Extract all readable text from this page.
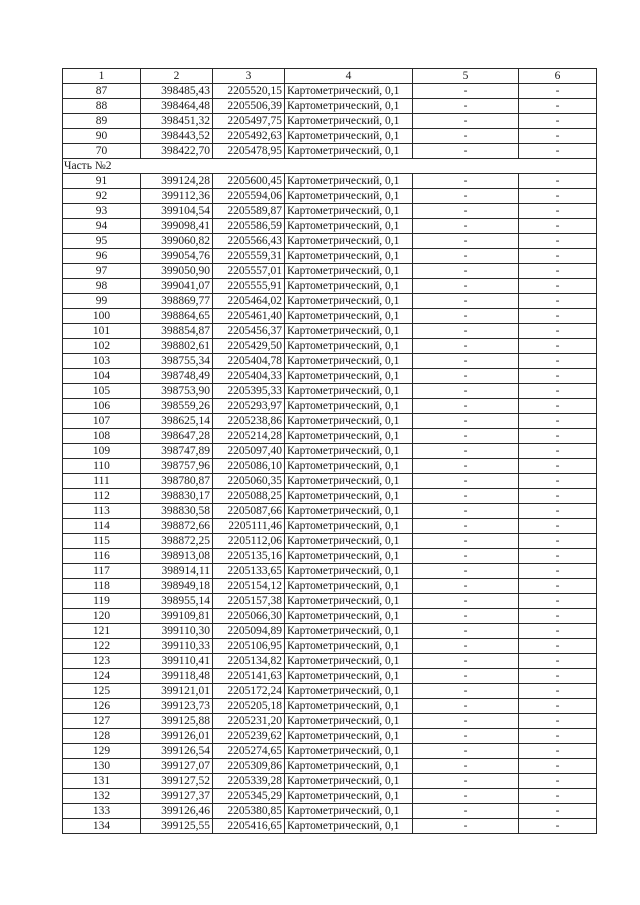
1	2	3	4	5	6
87	398485,43	2205520,15	Картометрический, 0,1	-	-
88	398464,48	2205506,39	Картометрический, 0,1	-	-
89	398451,32	2205497,75	Картометрический, 0,1	-	-
90	398443,52	2205492,63	Картометрический, 0,1	-	-
70	398422,70	2205478,95	Картометрический, 0,1	-	-
Часть №2					
91	399124,28	2205600,45	Картометрический, 0,1	-	-
92	399112,36	2205594,06	Картометрический, 0,1	-	-
93	399104,54	2205589,87	Картометрический, 0,1	-	-
94	399098,41	2205586,59	Картометрический, 0,1	-	-
95	399060,82	2205566,43	Картометрический, 0,1	-	-
96	399054,76	2205559,31	Картометрический, 0,1	-	-
97	399050,90	2205557,01	Картометрический, 0,1	-	-
98	399041,07	2205555,91	Картометрический, 0,1	-	-
99	398869,77	2205464,02	Картометрический, 0,1	-	-
100	398864,65	2205461,40	Картометрический, 0,1	-	-
101	398854,87	2205456,37	Картометрический, 0,1	-	-
102	398802,61	2205429,50	Картометрический, 0,1	-	-
103	398755,34	2205404,78	Картометрический, 0,1	-	-
104	398748,49	2205404,33	Картометрический, 0,1	-	-
105	398753,90	2205395,33	Картометрический, 0,1	-	-
106	398559,26	2205293,97	Картометрический, 0,1	-	-
107	398625,14	2205238,86	Картометрический, 0,1	-	-
108	398647,28	2205214,28	Картометрический, 0,1	-	-
109	398747,89	2205097,40	Картометрический, 0,1	-	-
110	398757,96	2205086,10	Картометрический, 0,1	-	-
111	398780,87	2205060,35	Картометрический, 0,1	-	-
112	398830,17	2205088,25	Картометрический, 0,1	-	-
113	398830,58	2205087,66	Картометрический, 0,1	-	-
114	398872,66	2205111,46	Картометрический, 0,1	-	-
115	398872,25	2205112,06	Картометрический, 0,1	-	-
116	398913,08	2205135,16	Картометрический, 0,1	-	-
117	398914,11	2205133,65	Картометрический, 0,1	-	-
118	398949,18	2205154,12	Картометрический, 0,1	-	-
119	398955,14	2205157,38	Картометрический, 0,1	-	-
120	399109,81	2205066,30	Картометрический, 0,1	-	-
121	399110,30	2205094,89	Картометрический, 0,1	-	-
122	399110,33	2205106,95	Картометрический, 0,1	-	-
123	399110,41	2205134,82	Картометрический, 0,1	-	-
124	399118,48	2205141,63	Картометрический, 0,1	-	-
125	399121,01	2205172,24	Картометрический, 0,1	-	-
126	399123,73	2205205,18	Картометрический, 0,1	-	-
127	399125,88	2205231,20	Картометрический, 0,1	-	-
128	399126,01	2205239,62	Картометрический, 0,1	-	-
129	399126,54	2205274,65	Картометрический, 0,1	-	-
130	399127,07	2205309,86	Картометрический, 0,1	-	-
131	399127,52	2205339,28	Картометрический, 0,1	-	-
132	399127,37	2205345,29	Картометрический, 0,1	-	-
133	399126,46	2205380,85	Картометрический, 0,1	-	-
134	399125,55	2205416,65	Картометрический, 0,1	-	-
